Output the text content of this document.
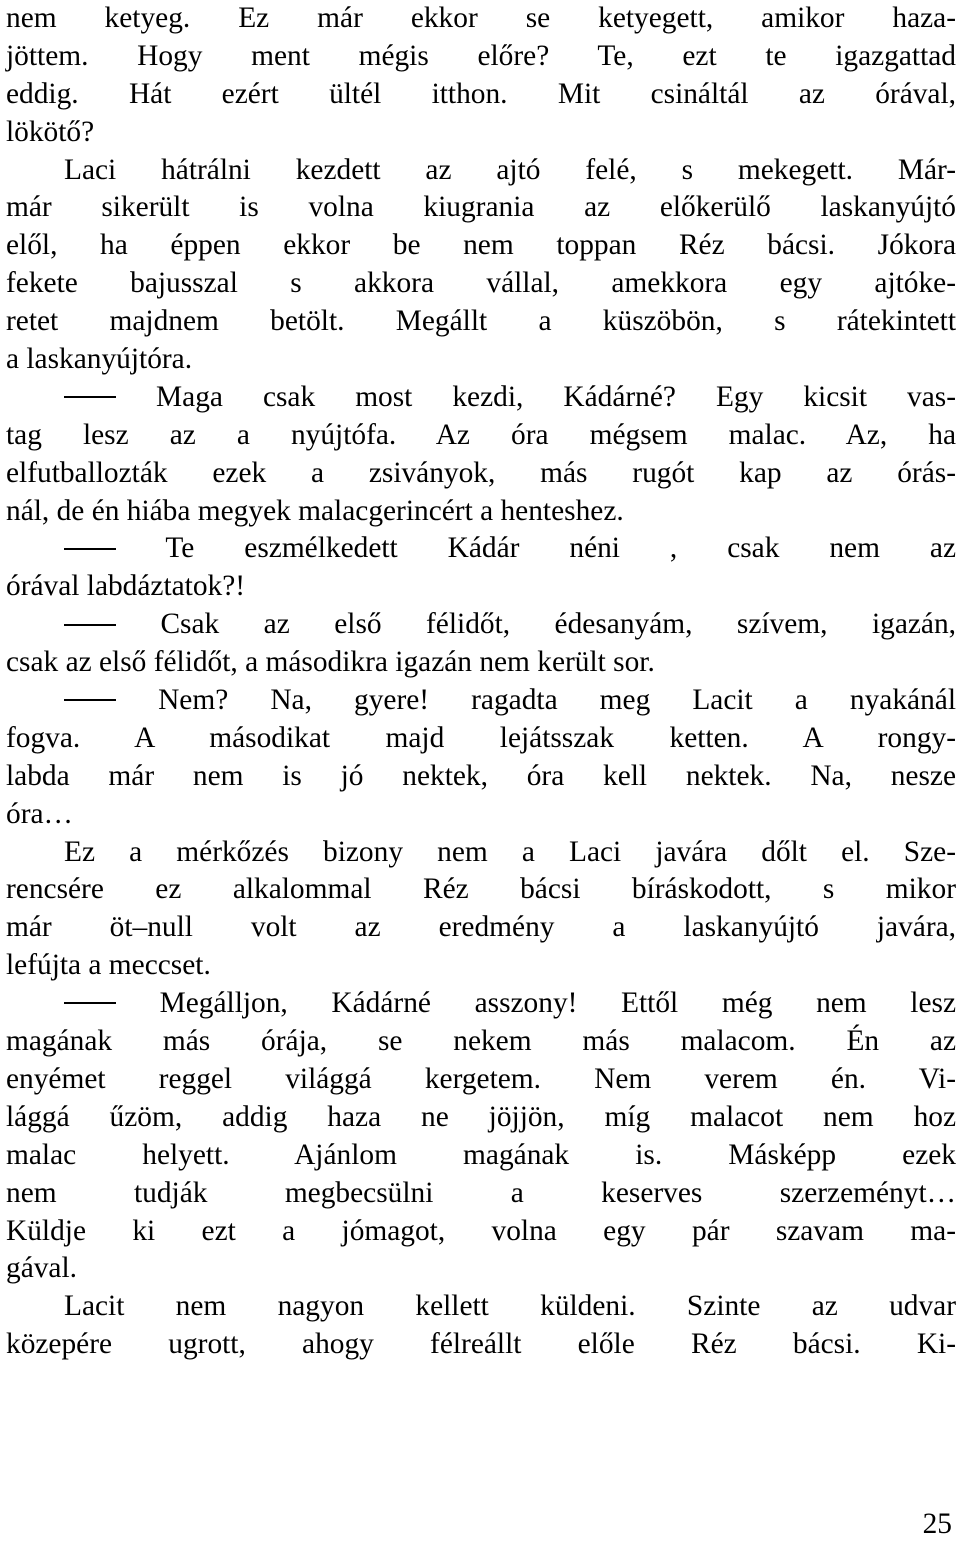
nem ketyeg. Ez már ekkor se ketyegett, amikor haza-
jöttem. Hogy ment mégis előre? Te, ezt te igazgattad
eddig. Hát ezért ültél itthon. Mit csináltál az órával,
lökötő?
Laci hátrálni kezdett az ajtó felé, s mekegett. Már-
már sikerült is volna kiugrania az előkerülő laskanyújtó
elől, ha éppen ekkor be nem toppan Réz bácsi. Jókora
fekete bajusszal s akkora vállal, amekkora egy ajtóke-
retet majdnem betölt. Megállt a küszöbön, s rátekintett
a laskanyújtóra.
Maga csak most kezdi, Kádárné? Egy kicsit vas-
tag lesz az a nyújtófa. Az óra mégsem malac. Az, ha
elfutballozták ezek a zsiványok, más rugót kap az órás-
nál, de én hiába megyek malacgerincért a henteshez.
Te eszmélkedett Kádár néni , csak nem az
órával labdáztatok?!
Csak az első félidőt, édesanyám, szívem, igazán,
csak az első félidőt, a másodikra igazán nem került sor.
Nem? Na, gyere! ragadta meg Lacit a nyakánál
fogva. A másodikat majd lejátsszak ketten. A rongy-
labda már nem is jó nektek, óra kell nektek. Na, nesze
óra…
Ez a mérkőzés bizony nem a Laci javára dőlt el. Sze-
rencsére ez alkalommal Réz bácsi bíráskodott, s mikor
már öt–null volt az eredmény a laskanyújtó javára,
lefújta a meccset.
Megálljon, Kádárné asszony! Ettől még nem lesz
magának más órája, se nekem más malacom. Én az
enyémet reggel világgá kergetem. Nem verem én. Vi-
lággá űzöm, addig haza ne jöjjön, míg malacot nem hoz
malac helyett. Ajánlom magának is. Másképp ezek
nem tudják megbecsülni a keserves szerzeményt…
Küldje ki ezt a jómagot, volna egy pár szavam ma-
gával.
Lacit nem nagyon kellett küldeni. Szinte az udvar
közepére ugrott, ahogy félreállt előle Réz bácsi. Ki-
25
